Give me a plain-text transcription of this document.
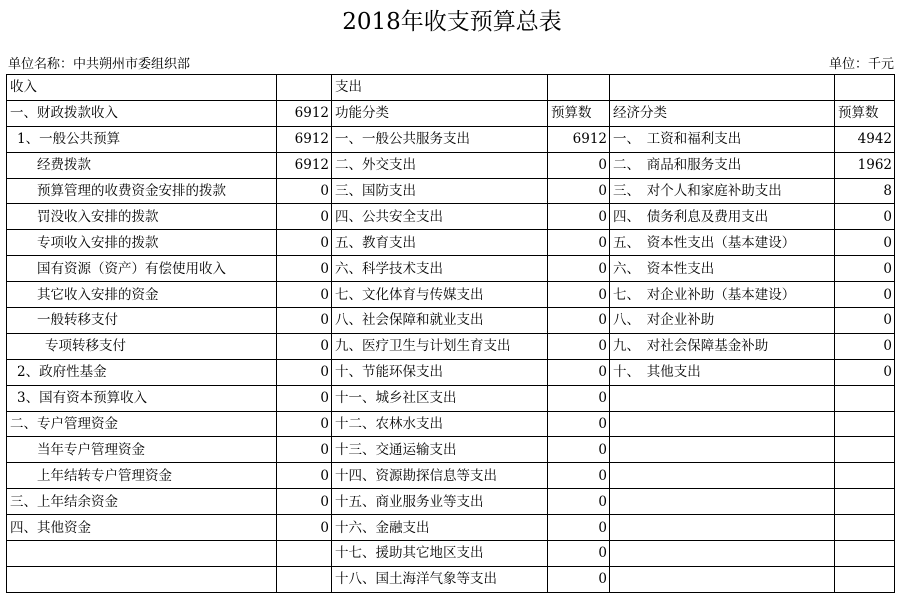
2018年收支预算总表
单位名称：中共朔州市委组织部	单位：千元
收入		支出			
一、财政拨款收入	6912	功能分类	预算数	经济分类	预算数
1、一般公共预算	6912	一、一般公共服务支出	6912	一、　工资和福利支出	4942
经费拨款	6912	二、外交支出	0	二、　商品和服务支出	1962
预算管理的收费资金安排的拨款	0	三、国防支出	0	三、　对个人和家庭补助支出	8
罚没收入安排的拨款	0	四、公共安全支出	0	四、　债务利息及费用支出	0
专项收入安排的拨款	0	五、教育支出	0	五、　资本性支出（基本建设）	0
国有资源（资产）有偿使用收入	0	六、科学技术支出	0	六、　资本性支出	0
其它收入安排的资金	0	七、文化体育与传媒支出	0	七、　对企业补助（基本建设）	0
一般转移支付	0	八、社会保障和就业支出	0	八、　对企业补助	0
专项转移支付	0	九、医疗卫生与计划生育支出	0	九、　对社会保障基金补助	0
2、政府性基金	0	十、节能环保支出	0	十、　其他支出	0
3、国有资本预算收入	0	十一、城乡社区支出	0		
二、专户管理资金	0	十二、农林水支出	0		
当年专户管理资金	0	十三、交通运输支出	0		
上年结转专户管理资金	0	十四、资源勘探信息等支出	0		
三、上年结余资金	0	十五、商业服务业等支出	0		
四、其他资金	0	十六、金融支出	0		
		十七、援助其它地区支出	0		
		十八、国土海洋气象等支出	0		
